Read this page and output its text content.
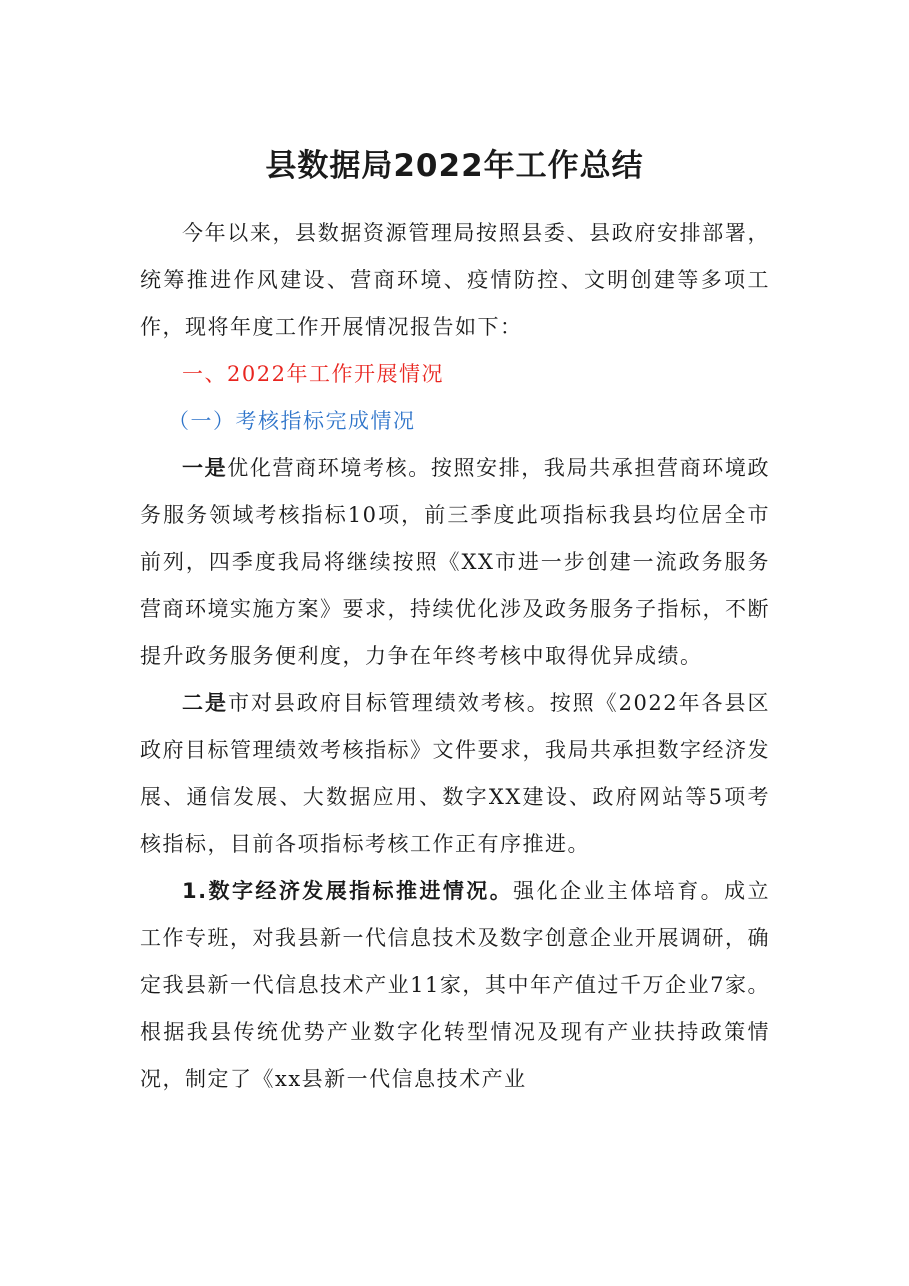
县数据局2022年工作总结

今年以来，县数据资源管理局按照县委、县政府安排部署，统筹推进作风建设、营商环境、疫情防控、文明创建等多项工作，现将年度工作开展情况报告如下：

一、2022年工作开展情况

（一）考核指标完成情况

一是优化营商环境考核。按照安排，我局共承担营商环境政务服务领域考核指标10项，前三季度此项指标我县均位居全市前列，四季度我局将继续按照《XX市进一步创建一流政务服务营商环境实施方案》要求，持续优化涉及政务服务子指标，不断提升政务服务便利度，力争在年终考核中取得优异成绩。

二是市对县政府目标管理绩效考核。按照《2022年各县区政府目标管理绩效考核指标》文件要求，我局共承担数字经济发展、通信发展、大数据应用、数字XX建设、政府网站等5项考核指标，目前各项指标考核工作正有序推进。

1.数字经济发展指标推进情况。强化企业主体培育。成立工作专班，对我县新一代信息技术及数字创意企业开展调研，确定我县新一代信息技术产业11家，其中年产值过千万企业7家。根据我县传统优势产业数字化转型情况及现有产业扶持政策情况，制定了《xx县新一代信息技术产业
